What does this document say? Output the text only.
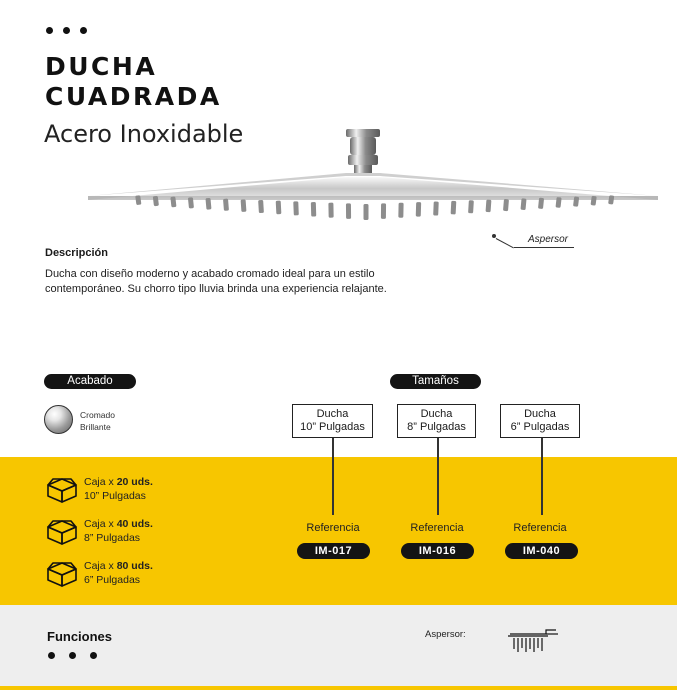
DUCHA
CUADRADA
Acero Inoxidable
Aspersor
Descripción
Ducha con diseño moderno y acabado cromado ideal para un estilo contemporáneo. Su chorro tipo lluvia brinda una experiencia relajante.
Acabado	Tamaños
Cromado Brillante
Ducha
10” Pulgadas
Ducha
8” Pulgadas
Ducha
6” Pulgadas
Referencia	Referencia	Referencia
IM-017	IM-016	IM-040
Caja x 20 uds.
10” Pulgadas
Caja x 40 uds.
8” Pulgadas
Caja x 80 uds.
6” Pulgadas
Funciones	Aspersor:
